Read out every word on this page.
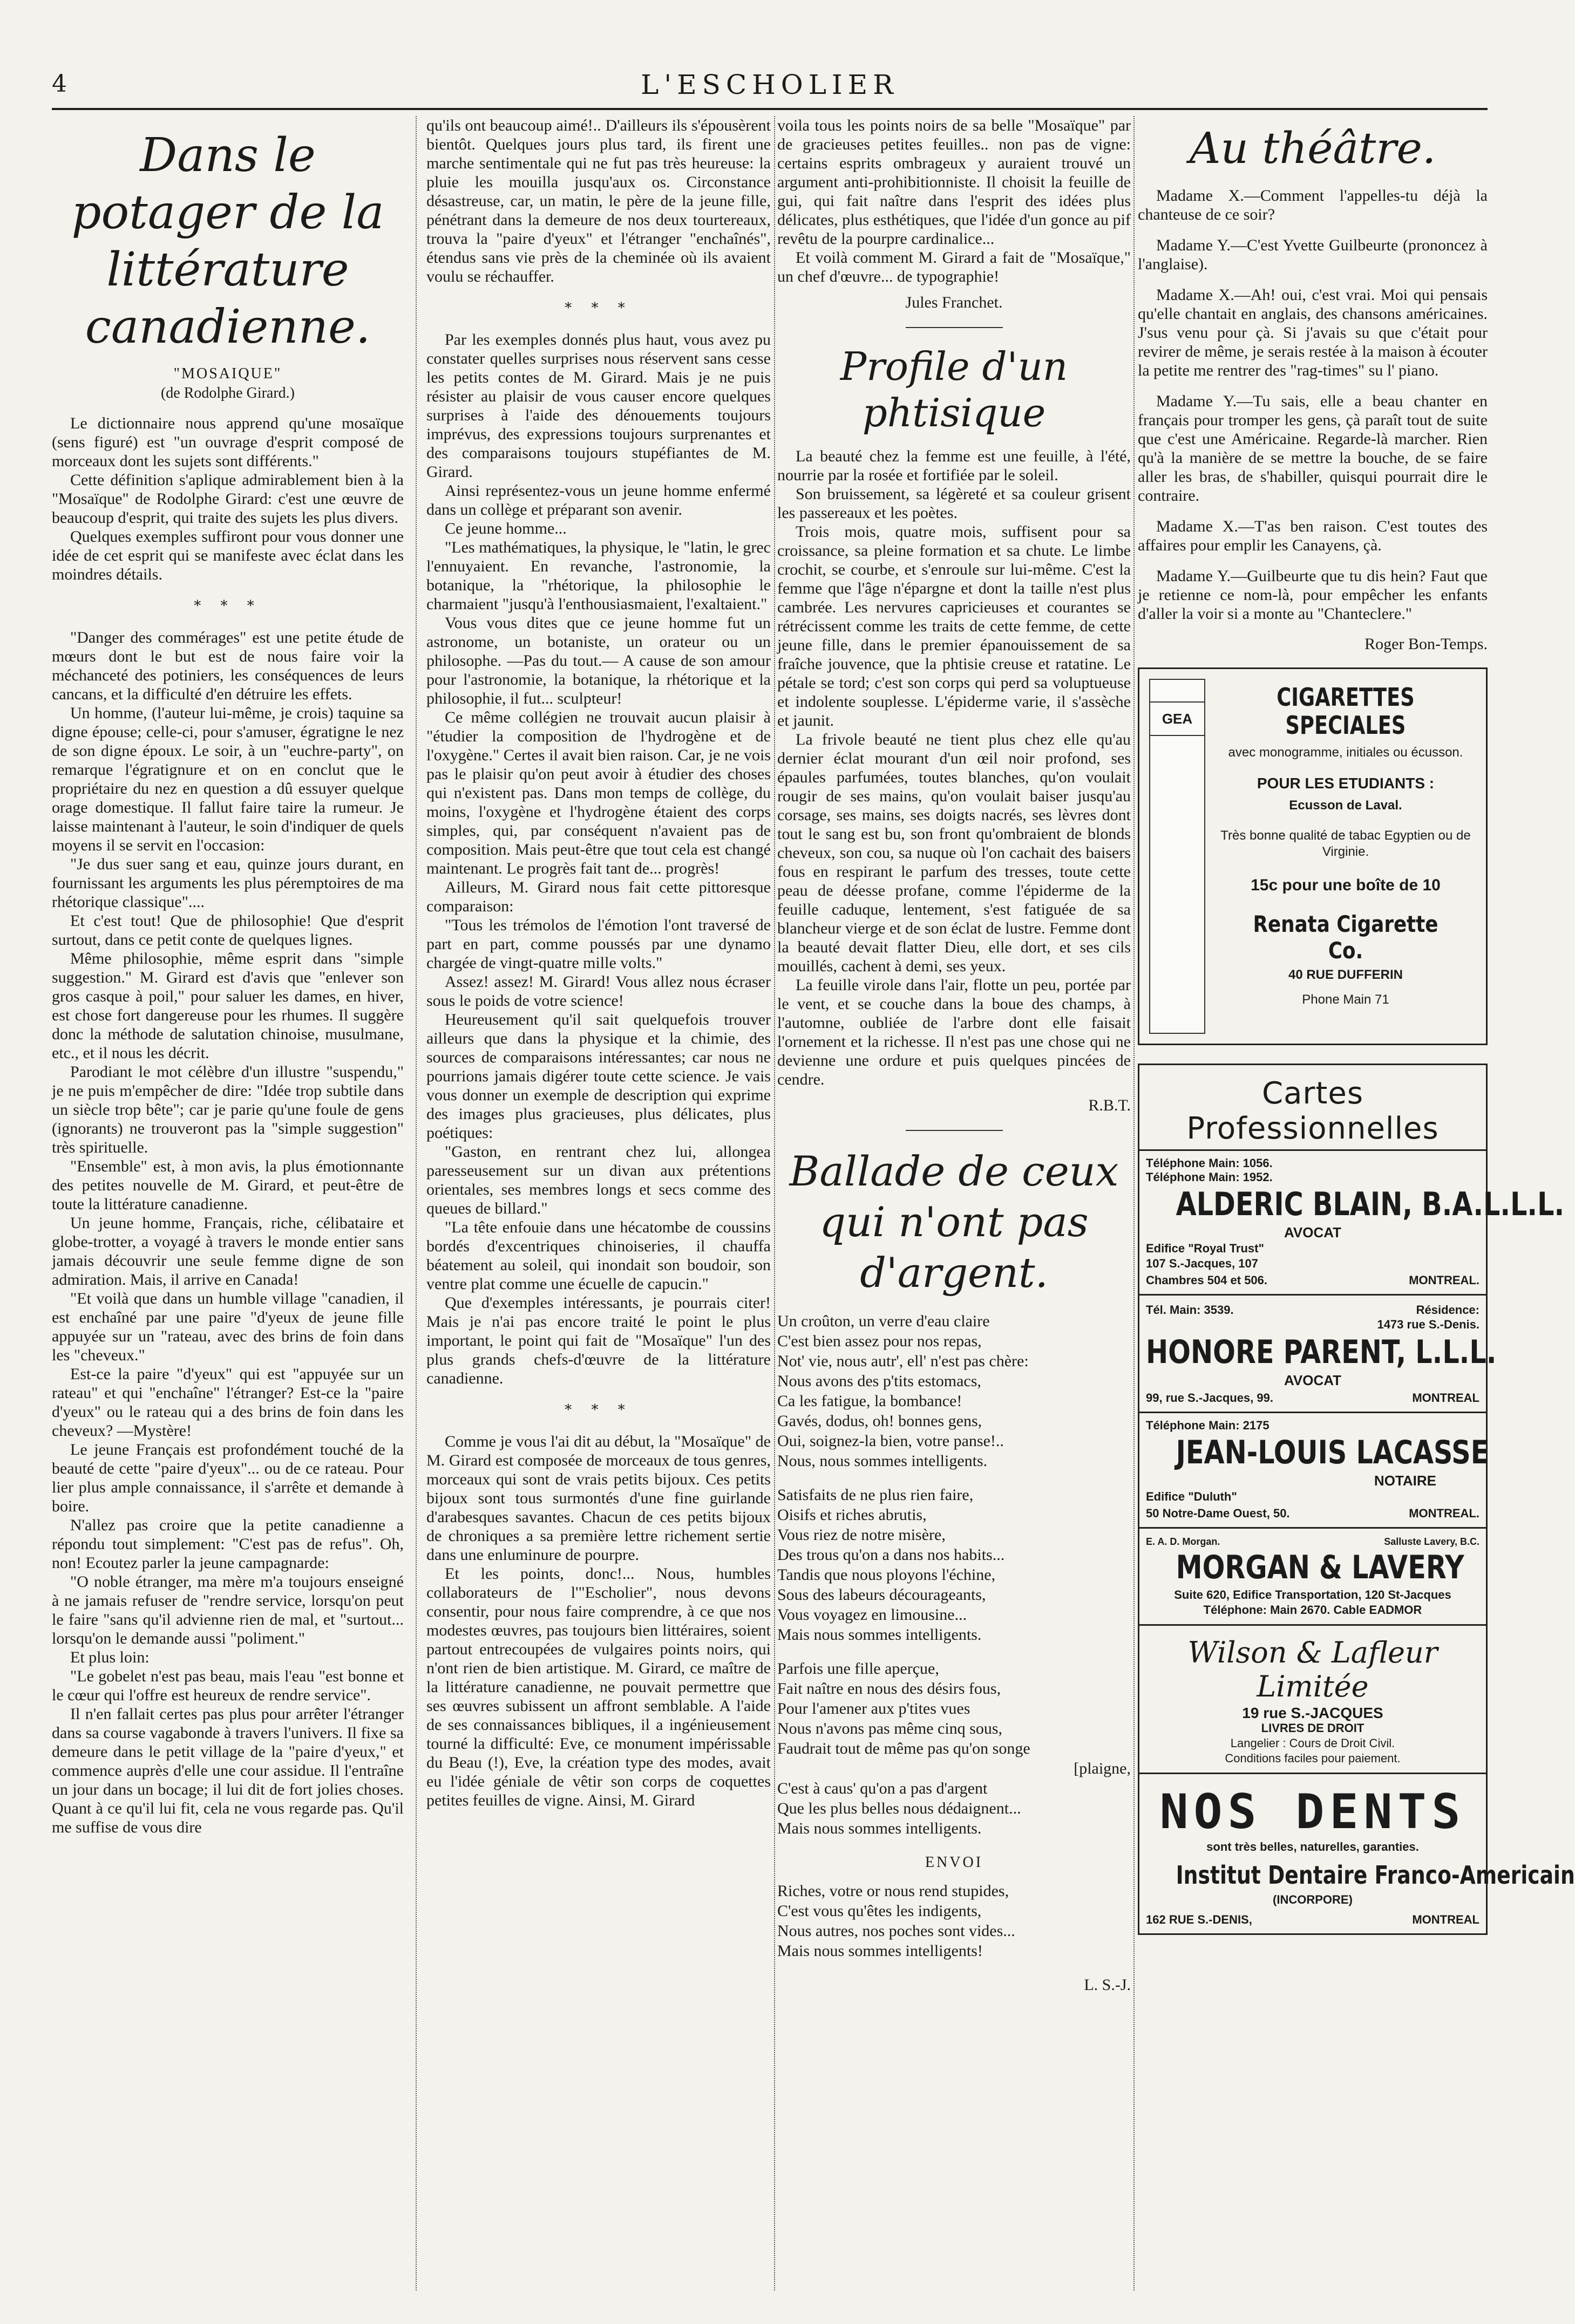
4	L'ESCHOLIER
Dans le potager de la littérature canadienne.
"MOSAIQUE"
(de Rodolphe Girard.)

Le dictionnaire nous apprend qu'une mosaïque (sens figuré) est "un ouvrage d'esprit composé de morceaux dont les sujets sont différents."

Cette définition s'aplique admirablement bien à la "Mosaïque" de Rodolphe Girard: c'est une œuvre de beaucoup d'esprit, qui traite des sujets les plus divers.

Quelques exemples suffiront pour vous donner une idée de cet esprit qui se manifeste avec éclat dans les moindres détails.

* * *

"Danger des commérages" est une petite étude de mœurs dont le but est de nous faire voir la méchanceté des potiniers, les conséquences de leurs cancans, et la difficulté d'en détruire les effets.

Un homme, (l'auteur lui-même, je crois) taquine sa digne épouse; celle-ci, pour s'amuser, égratigne le nez de son digne époux. Le soir, à un "euchre-party", on remarque l'égratignure et on en conclut que le propriétaire du nez en question a dû essuyer quelque orage domestique. Il fallut faire taire la rumeur. Je laisse maintenant à l'auteur, le soin d'indiquer de quels moyens il se servit en l'occasion:

"Je dus suer sang et eau, quinze jours durant, en fournissant les arguments les plus péremptoires de ma rhétorique classique"....

Et c'est tout! Que de philosophie! Que d'esprit surtout, dans ce petit conte de quelques lignes.

Même philosophie, même esprit dans "simple suggestion." M. Girard est d'avis que "enlever son gros casque à poil," pour saluer les dames, en hiver, est chose fort dangereuse pour les rhumes. Il suggère donc la méthode de salutation chinoise, musulmane, etc., et il nous les décrit.

Parodiant le mot célèbre d'un illustre "suspendu," je ne puis m'empêcher de dire: "Idée trop subtile dans un siècle trop bête"; car je parie qu'une foule de gens (ignorants) ne trouveront pas la "simple suggestion" très spirituelle.

"Ensemble" est, à mon avis, la plus émotionnante des petites nouvelle de M. Girard, et peut-être de toute la littérature canadienne.

Un jeune homme, Français, riche, célibataire et globe-trotter, a voyagé à travers le monde entier sans jamais découvrir une seule femme digne de son admiration. Mais, il arrive en Canada!

"Et voilà que dans un humble village "canadien, il est enchaîné par une paire "d'yeux de jeune fille appuyée sur un "rateau, avec des brins de foin dans les "cheveux."

Est-ce la paire "d'yeux" qui est "appuyée sur un rateau" et qui "enchaîne" l'étranger? Est-ce la "paire d'yeux" ou le rateau qui a des brins de foin dans les cheveux? —Mystère!

Le jeune Français est profondément touché de la beauté de cette "paire d'yeux"... ou de ce rateau. Pour lier plus ample connaissance, il s'arrête et demande à boire.

N'allez pas croire que la petite canadienne a répondu tout simplement: "C'est pas de refus". Oh, non! Ecoutez parler la jeune campagnarde:

"O noble étranger, ma mère m'a toujours enseigné à ne jamais refuser de "rendre service, lorsqu'on peut le faire "sans qu'il advienne rien de mal, et "surtout... lorsqu'on le demande aussi "poliment."

Et plus loin:

"Le gobelet n'est pas beau, mais l'eau "est bonne et le cœur qui l'offre est heureux de rendre service".

Il n'en fallait certes pas plus pour arrêter l'étranger dans sa course vagabonde à travers l'univers. Il fixe sa demeure dans le petit village de la "paire d'yeux," et commence auprès d'elle une cour assidue. Il l'entraîne un jour dans un bocage; il lui dit de fort jolies choses. Quant à ce qu'il lui fit, cela ne vous regarde pas. Qu'il me suffise de vous dire

qu'ils ont beaucoup aimé!.. D'ailleurs ils s'épousèrent bientôt. Quelques jours plus tard, ils firent une marche sentimentale qui ne fut pas très heureuse: la pluie les mouilla jusqu'aux os. Circonstance désastreuse, car, un matin, le père de la jeune fille, pénétrant dans la demeure de nos deux tourtereaux, trouva la "paire d'yeux" et l'étranger "enchaînés", étendus sans vie près de la cheminée où ils avaient voulu se réchauffer.

* * *

Par les exemples donnés plus haut, vous avez pu constater quelles surprises nous réservent sans cesse les petits contes de M. Girard. Mais je ne puis résister au plaisir de vous causer encore quelques surprises à l'aide des dénouements toujours imprévus, des expressions toujours surprenantes et des comparaisons toujours stupéfiantes de M. Girard.

Ainsi représentez-vous un jeune homme enfermé dans un collège et préparant son avenir.

Ce jeune homme...

"Les mathématiques, la physique, le "latin, le grec l'ennuyaient. En revanche, l'astronomie, la botanique, la "rhétorique, la philosophie le charmaient "jusqu'à l'enthousiasmaient, l'exaltaient."

Vous vous dites que ce jeune homme fut un astronome, un botaniste, un orateur ou un philosophe. —Pas du tout.— A cause de son amour pour l'astronomie, la botanique, la rhétorique et la philosophie, il fut... sculpteur!

Ce même collégien ne trouvait aucun plaisir à "étudier la composition de l'hydrogène et de l'oxygène." Certes il avait bien raison. Car, je ne vois pas le plaisir qu'on peut avoir à étudier des choses qui n'existent pas. Dans mon temps de collège, du moins, l'oxygène et l'hydrogène étaient des corps simples, qui, par conséquent n'avaient pas de composition. Mais peut-être que tout cela est changé maintenant. Le progrès fait tant de... progrès!

Ailleurs, M. Girard nous fait cette pittoresque comparaison:

"Tous les trémolos de l'émotion l'ont traversé de part en part, comme poussés par une dynamo chargée de vingt-quatre mille volts."

Assez! assez! M. Girard! Vous allez nous écraser sous le poids de votre science!

Heureusement qu'il sait quelquefois trouver ailleurs que dans la physique et la chimie, des sources de comparaisons intéressantes; car nous ne pourrions jamais digérer toute cette science. Je vais vous donner un exemple de description qui exprime des images plus gracieuses, plus délicates, plus poétiques:

"Gaston, en rentrant chez lui, allongea paresseusement sur un divan aux prétentions orientales, ses membres longs et secs comme des queues de billard."

"La tête enfouie dans une hécatombe de coussins bordés d'excentriques chinoiseries, il chauffa béatement au soleil, qui inondait son boudoir, son ventre plat comme une écuelle de capucin."

Que d'exemples intéressants, je pourrais citer! Mais je n'ai pas encore traité le point le plus important, le point qui fait de "Mosaïque" l'un des plus grands chefs-d'œuvre de la littérature canadienne.

* * *

Comme je vous l'ai dit au début, la "Mosaïque" de M. Girard est composée de morceaux de tous genres, morceaux qui sont de vrais petits bijoux. Ces petits bijoux sont tous surmontés d'une fine guirlande d'arabesques savantes. Chacun de ces petits bijoux de chroniques a sa première lettre richement sertie dans une enluminure de pourpre.

Et les points, donc!... Nous, humbles collaborateurs de l'"Escholier", nous devons consentir, pour nous faire comprendre, à ce que nos modestes œuvres, pas toujours bien littéraires, soient partout entrecoupées de vulgaires points noirs, qui n'ont rien de bien artistique. M. Girard, ce maître de la littérature canadienne, ne pouvait permettre que ses œuvres subissent un affront semblable. A l'aide de ses connaissances bibliques, il a ingénieusement tourné la difficulté: Eve, ce monument impérissable du Beau (!), Eve, la création type des modes, avait eu l'idée géniale de vêtir son corps de coquettes petites feuilles de vigne. Ainsi, M. Girard

voila tous les points noirs de sa belle "Mosaïque" par de gracieuses petites feuilles.. non pas de vigne: certains esprits ombrageux y auraient trouvé un argument anti-prohibitionniste. Il choisit la feuille de gui, qui fait naître dans l'esprit des idées plus délicates, plus esthétiques, que l'idée d'un gonce au pif revêtu de la pourpre cardinalice...

Et voilà comment M. Girard a fait de "Mosaïque," un chef d'œuvre... de typographie!

Jules Franchet.
Profile d'un phtisique

La beauté chez la femme est une feuille, à l'été, nourrie par la rosée et fortifiée par le soleil.

Son bruissement, sa légèreté et sa couleur grisent les passereaux et les poètes.

Trois mois, quatre mois, suffisent pour sa croissance, sa pleine formation et sa chute. Le limbe crochit, se courbe, et s'enroule sur lui-même. C'est la femme que l'âge n'épargne et dont la taille n'est plus cambrée. Les nervures capricieuses et courantes se rétrécissent comme les traits de cette femme, de cette jeune fille, dans le premier épanouissement de sa fraîche jouvence, que la phtisie creuse et ratatine. Le pétale se tord; c'est son corps qui perd sa voluptueuse et indolente souplesse. L'épiderme varie, il s'assèche et jaunit.

La frivole beauté ne tient plus chez elle qu'au dernier éclat mourant d'un œil noir profond, ses épaules parfumées, toutes blanches, qu'on voulait rougir de ses mains, qu'on voulait baiser jusqu'au corsage, ses mains, ses doigts nacrés, ses lèvres dont tout le sang est bu, son front qu'ombraient de blonds cheveux, son cou, sa nuque où l'on cachait des baisers fous en respirant le parfum des tresses, toute cette peau de déesse profane, comme l'épiderme de la feuille caduque, lentement, s'est fatiguée de sa blancheur vierge et de son éclat de lustre. Femme dont la beauté devait flatter Dieu, elle dort, et ses cils mouillés, cachent à demi, ses yeux.

La feuille virole dans l'air, flotte un peu, portée par le vent, et se couche dans la boue des champs, à l'automne, oubliée de l'arbre dont elle faisait l'ornement et la richesse. Il n'est pas une chose qui ne devienne une ordure et puis quelques pincées de cendre.

R.B.T.
Ballade de ceux qui n'ont pas d'argent.
Un croûton, un verre d'eau claire
C'est bien assez pour nos repas,
Not' vie, nous autr', ell' n'est pas chère:
Nous avons des p'tits estomacs,
Ca les fatigue, la bombance!
Gavés, dodus, oh! bonnes gens,
Oui, soignez-la bien, votre panse!..
Nous, nous sommes intelligents.
Satisfaits de ne plus rien faire,
Oisifs et riches abrutis,
Vous riez de notre misère,
Des trous qu'on a dans nos habits...
Tandis que nous ployons l'échine,
Sous des labeurs décourageants,
Vous voyagez en limousine...
Mais nous sommes intelligents.
Parfois une fille aperçue,
Fait naître en nous des désirs fous,
Pour l'amener aux p'tites vues
Nous n'avons pas même cinq sous,
Faudrait tout de même pas qu'on songe
[plaigne,
C'est à caus' qu'on a pas d'argent
Que les plus belles nous dédaignent...
Mais nous sommes intelligents.
ENVOI
Riches, votre or nous rend stupides,
C'est vous qu'êtes les indigents,
Nous autres, nos poches sont vides...
Mais nous sommes intelligents!
L. S.-J.
Au théâtre.

Madame X.—Comment l'appelles-tu déjà la chanteuse de ce soir?

Madame Y.—C'est Yvette Guilbeurte (prononcez à l'anglaise).

Madame X.—Ah! oui, c'est vrai. Moi qui pensais qu'elle chantait en anglais, des chansons américaines. J'sus venu pour çà. Si j'avais su que c'était pour revirer de même, je serais restée à la maison à écouter la petite me rentrer des "rag-times" su l' piano.

Madame Y.—Tu sais, elle a beau chanter en français pour tromper les gens, çà paraît tout de suite que c'est une Américaine. Regarde-là marcher. Rien qu'à la manière de se mettre la bouche, de se faire aller les bras, de s'habiller, quisqui pourrait dire le contraire.

Madame X.—T'as ben raison. C'est toutes des affaires pour emplir les Canayens, çà.

Madame Y.—Guilbeurte que tu dis hein? Faut que je retienne ce nom-là, pour empêcher les enfants d'aller la voir si a monte au "Chanteclere."

Roger Bon-Temps.
GEA
CIGARETTES SPECIALES
avec monogramme, initiales ou écusson.
POUR LES ETUDIANTS :
Ecusson de Laval.
Très bonne qualité de tabac Egyptien ou de Virginie.
15c pour une boîte de 10
Renata Cigarette Co.
40 RUE DUFFERIN
Phone Main 71
Cartes Professionnelles
Téléphone Main: 1056.
Téléphone Main: 1952.
ALDERIC BLAIN, B.A.L.L.L.
AVOCAT
Edifice "Royal Trust"
107 S.-Jacques, 107
Chambres 504 et 506.	MONTREAL.
Tél. Main: 3539.	Résidence:
1473 rue S.-Denis.
HONORE PARENT, L.L.L.
AVOCAT
99, rue S.-Jacques, 99.	MONTREAL
Téléphone Main: 2175
JEAN-LOUIS LACASSE
NOTAIRE
Edifice "Duluth"
50 Notre-Dame Ouest, 50.	MONTREAL.
E. A. D. Morgan.	Salluste Lavery, B.C.
MORGAN & LAVERY
Suite 620, Edifice Transportation, 120 St-Jacques
Téléphone: Main 2670. Cable EADMOR
Wilson & Lafleur Limitée
19 rue S.-JACQUES
LIVRES DE DROIT
Langelier : Cours de Droit Civil.
Conditions faciles pour paiement.
NOS DENTS
sont très belles, naturelles, garanties.
Institut Dentaire Franco-Americain
(INCORPORE)
162 RUE S.-DENIS,	MONTREAL
